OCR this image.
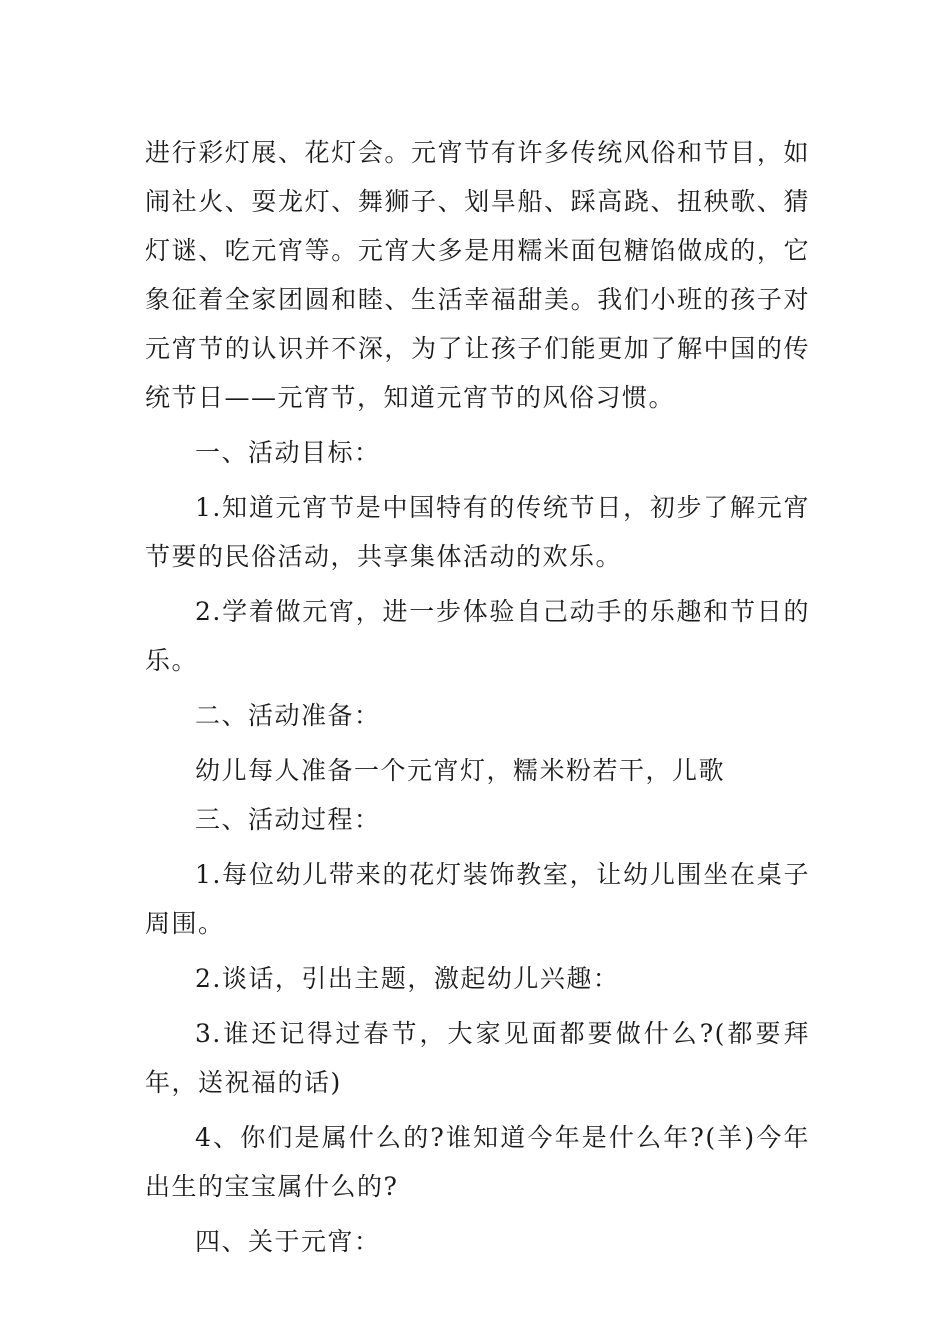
进行彩灯展、花灯会。元宵节有许多传统风俗和节目，如闹社火、耍龙灯、舞狮子、划旱船、踩高跷、扭秧歌、猜灯谜、吃元宵等。元宵大多是用糯米面包糖馅做成的，它象征着全家团圆和睦、生活幸福甜美。我们小班的孩子对元宵节的认识并不深，为了让孩子们能更加了解中国的传统节日——元宵节，知道元宵节的风俗习惯。

一、活动目标：

1.知道元宵节是中国特有的传统节日，初步了解元宵节要的民俗活动，共享集体活动的欢乐。

2.学着做元宵，进一步体验自己动手的乐趣和节日的乐。

二、活动准备：

幼儿每人准备一个元宵灯，糯米粉若干，儿歌

三、活动过程：

1.每位幼儿带来的花灯装饰教室，让幼儿围坐在桌子周围。

2.谈话，引出主题，激起幼儿兴趣：

3.谁还记得过春节，大家见面都要做什么?(都要拜年，送祝福的话)

4、你们是属什么的?谁知道今年是什么年?(羊)今年出生的宝宝属什么的?

四、关于元宵：
